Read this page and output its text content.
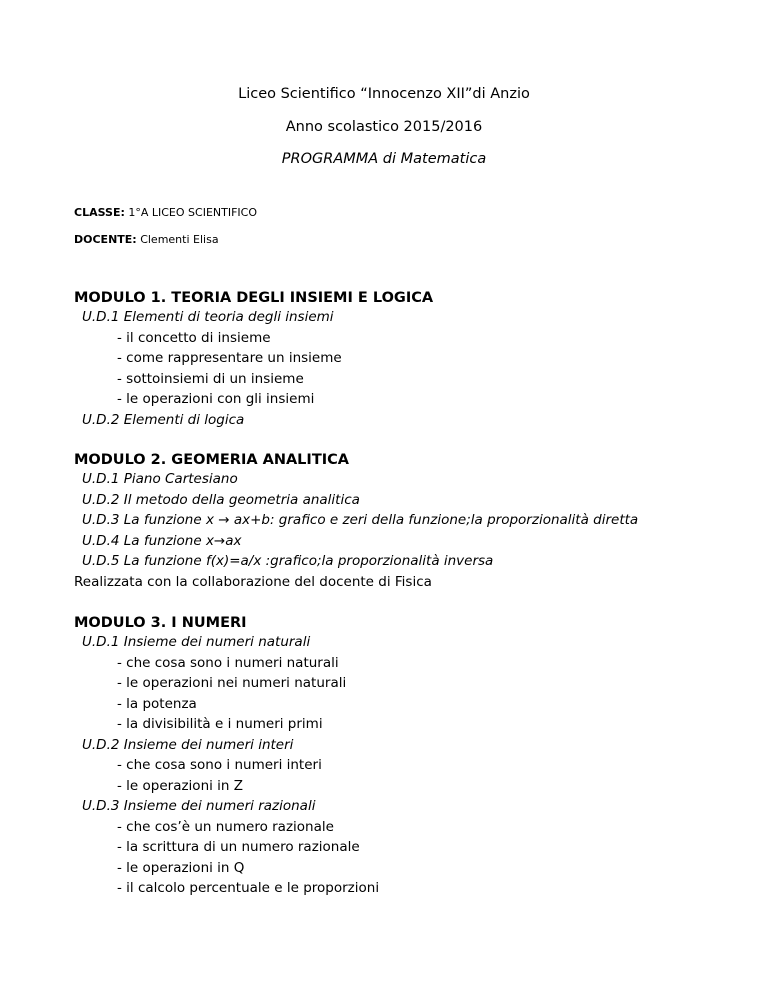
Liceo Scientifico “Innocenzo XII”di Anzio
Anno scolastico 2015/2016
PROGRAMMA di Matematica
CLASSE: 1°A LICEO SCIENTIFICO
DOCENTE: Clementi Elisa
MODULO 1. TEORIA DEGLI INSIEMI E LOGICA
U.D.1 Elementi di teoria degli insiemi
- il concetto di insieme
- come rappresentare un insieme
- sottoinsiemi di un insieme
- le operazioni con gli insiemi
U.D.2 Elementi di logica
MODULO 2. GEOMERIA ANALITICA
U.D.1 Piano Cartesiano
U.D.2 Il metodo della geometria analitica
U.D.3 La funzione x → ax+b: grafico e zeri della funzione;la proporzionalità diretta
U.D.4 La funzione x→ax
U.D.5 La funzione f(x)=a/x :grafico;la proporzionalità inversa
Realizzata con la collaborazione del docente di Fisica
MODULO 3. I NUMERI
U.D.1 Insieme dei numeri naturali
- che cosa sono i numeri naturali
- le operazioni nei numeri naturali
- la potenza
- la divisibilità e i numeri primi
U.D.2 Insieme dei numeri interi
- che cosa sono i numeri interi
- le operazioni in Z
U.D.3 Insieme dei numeri razionali
- che cos’è un numero razionale
- la scrittura di un numero razionale
- le operazioni in Q
- il calcolo percentuale e le proporzioni
